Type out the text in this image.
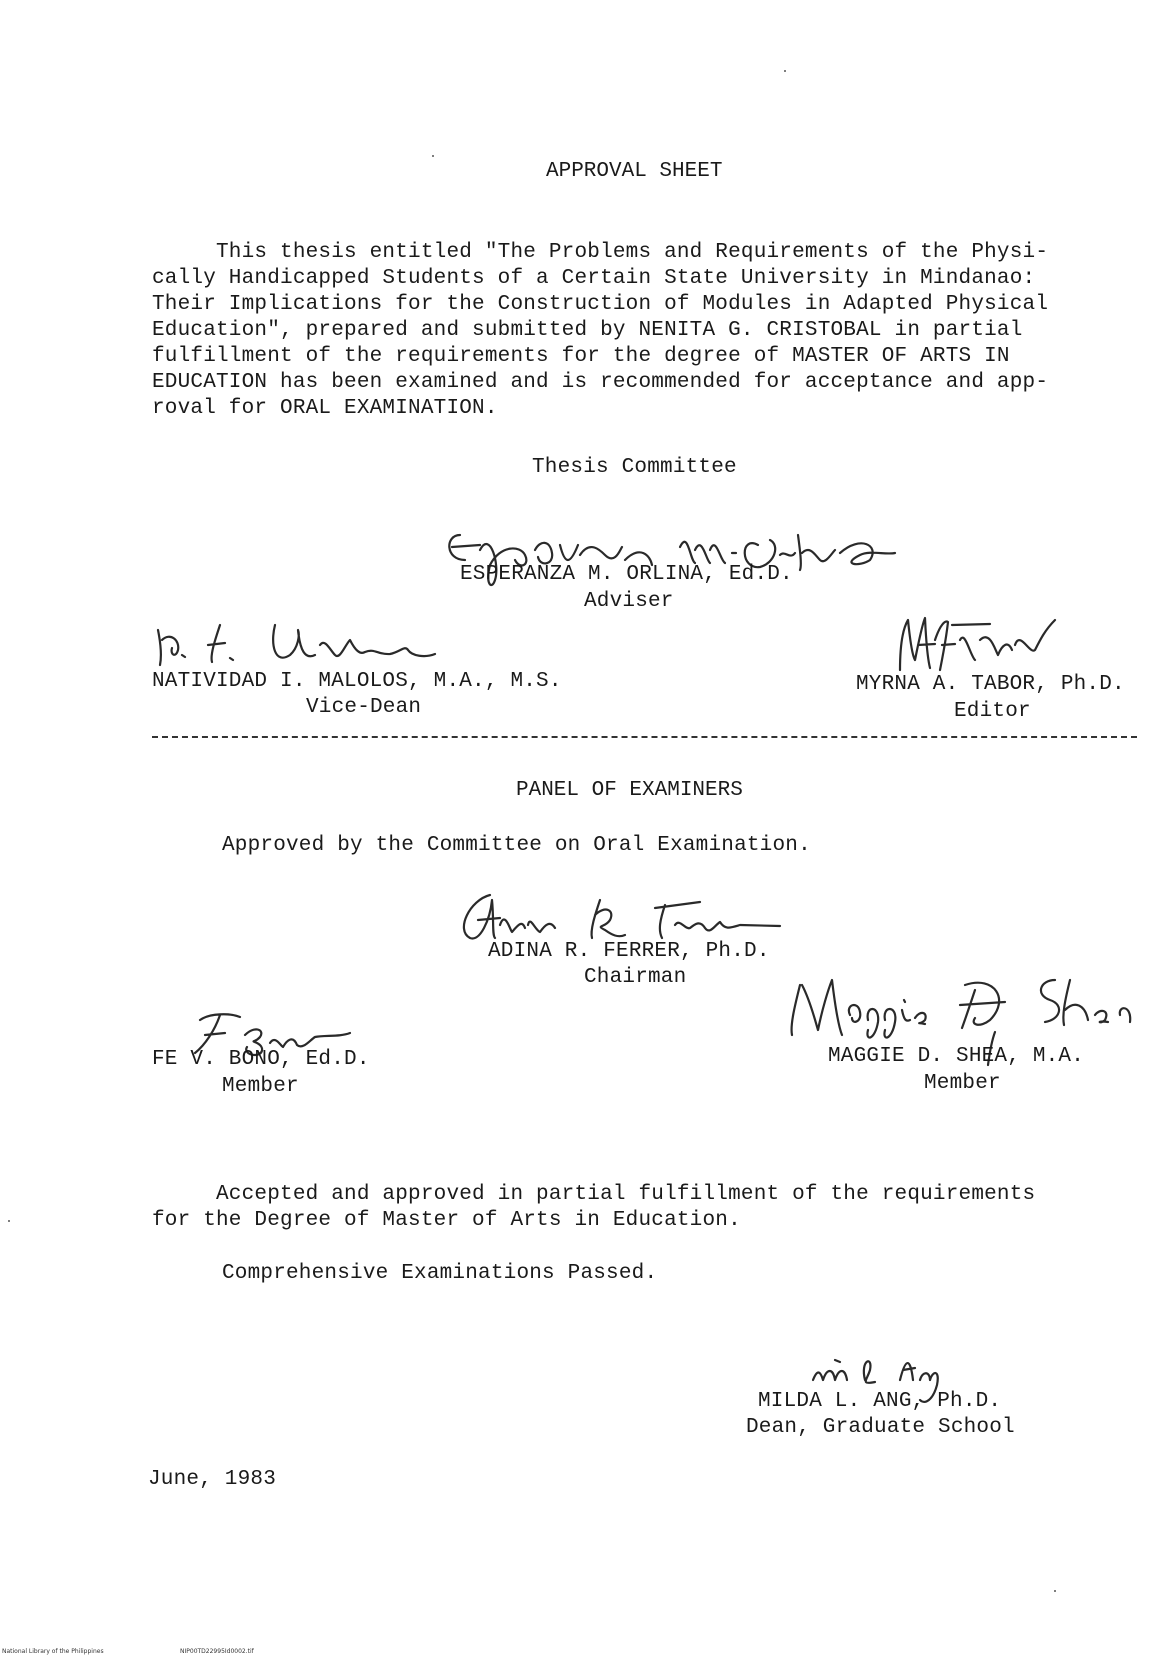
APPROVAL SHEET
This thesis entitled "The Problems and Requirements of the Physi-
cally Handicapped Students of a Certain State University in Mindanao:
Their Implications for the Construction of Modules in Adapted Physical
Education", prepared and submitted by NENITA G. CRISTOBAL in partial
fulfillment of the requirements for the degree of MASTER OF ARTS IN
EDUCATION has been examined and is recommended for acceptance and app-
roval for ORAL EXAMINATION.
Thesis Committee
ESPERANZA M. ORLINA, Ed.D.
Adviser
NATIVIDAD I. MALOLOS, M.A., M.S.
Vice-Dean
MYRNA A. TABOR, Ph.D.
Editor
PANEL OF EXAMINERS
Approved by the Committee on Oral Examination.
ADINA R. FERRER, Ph.D.
Chairman
FE V. BONO, Ed.D.
Member
MAGGIE D. SHEA, M.A.
Member
Accepted and approved in partial fulfillment of the requirements
for the Degree of Master of Arts in Education.
Comprehensive Examinations Passed.
MILDA L. ANG, Ph.D.
Dean, Graduate School
June, 1983
National Library of the Philippines	NIP00TD22995Id0002.tif
